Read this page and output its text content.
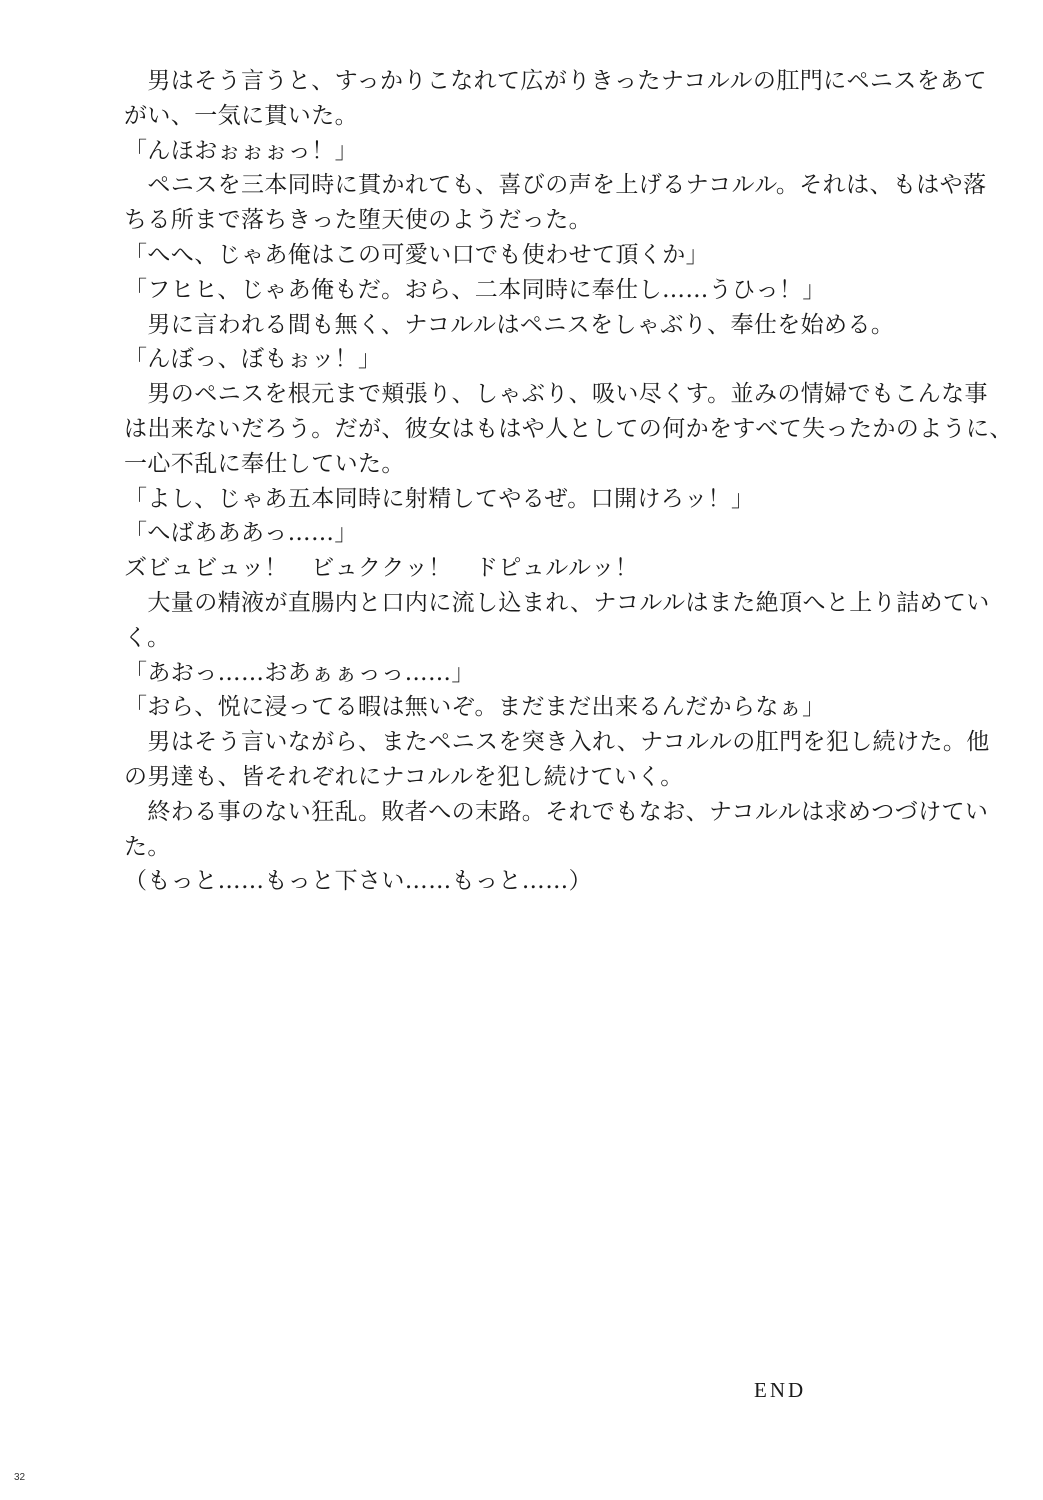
　男はそう言うと、すっかりこなれて広がりきったナコルルの肛門にペニスをあて
がい、一気に貫いた。
「んほおぉぉぉっ！」
　ペニスを三本同時に貫かれても、喜びの声を上げるナコルル。それは、もはや落
ちる所まで落ちきった堕天使のようだった。
「へへ、じゃあ俺はこの可愛い口でも使わせて頂くか」
「フヒヒ、じゃあ俺もだ。おら、二本同時に奉仕し……うひっ！」
　男に言われる間も無く、ナコルルはペニスをしゃぶり、奉仕を始める。
「んぼっ、ぼもぉッ！」
　男のペニスを根元まで頬張り、しゃぶり、吸い尽くす。並みの情婦でもこんな事
は出来ないだろう。だが、彼女はもはや人としての何かをすべて失ったかのように、
一心不乱に奉仕していた。
「よし、じゃあ五本同時に射精してやるぜ。口開けろッ！」
「へばあああっ……」
ズビュビュッ！　ビュククッ！　ドピュルルッ！
　大量の精液が直腸内と口内に流し込まれ、ナコルルはまた絶頂へと上り詰めてい
く。
「あおっ……おあぁぁっっ……」
「おら、悦に浸ってる暇は無いぞ。まだまだ出来るんだからなぁ」
　男はそう言いながら、またペニスを突き入れ、ナコルルの肛門を犯し続けた。他
の男達も、皆それぞれにナコルルを犯し続けていく。
　終わる事のない狂乱。敗者への末路。それでもなお、ナコルルは求めつづけてい
た。
（もっと……もっと下さい……もっと……）
END
32
